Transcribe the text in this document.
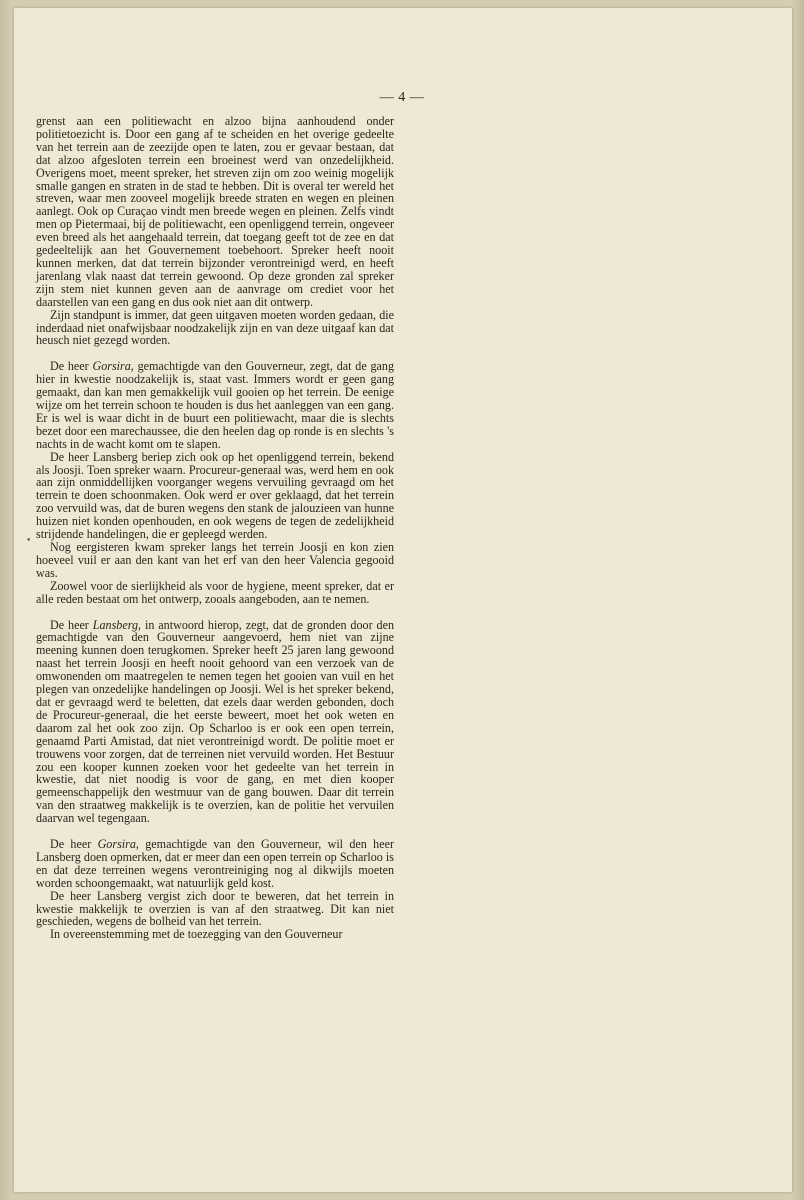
•
— 4 —

grenst aan een politiewacht en alzoo bijna aanhoudend onder politietoezicht is. Door een gang af te scheiden en het overige gedeelte van het terrein aan de zeezijde open te laten, zou er gevaar bestaan, dat dat alzoo afgesloten terrein een broeinest werd van onzedelijkheid. Overigens moet, meent spreker, het streven zijn om zoo weinig mogelijk smalle gangen en straten in de stad te hebben. Dit is overal ter wereld het streven, waar men zooveel mogelijk breede straten en wegen en pleinen aanlegt. Ook op Curaçao vindt men breede wegen en pleinen. Zelfs vindt men op Pietermaai, bij de politiewacht, een openliggend terrein, ongeveer even breed als het aangehaald terrein, dat toegang geeft tot de zee en dat gedeeltelijk aan het Gouvernement toebehoort. Spreker heeft nooit kunnen merken, dat dat terrein bijzonder verontreinigd werd, en heeft jarenlang vlak naast dat terrein gewoond. Op deze gronden zal spreker zijn stem niet kunnen geven aan de aanvrage om crediet voor het daarstellen van een gang en dus ook niet aan dit ontwerp.

Zijn standpunt is immer, dat geen uitgaven moeten worden gedaan, die inderdaad niet onafwijsbaar noodzakelijk zijn en van deze uitgaaf kan dat heusch niet gezegd worden.

De heer Gorsira, gemachtigde van den Gouverneur, zegt, dat de gang hier in kwestie noodzakelijk is, staat vast. Immers wordt er geen gang gemaakt, dan kan men gemakkelijk vuil gooien op het terrein. De eenige wijze om het terrein schoon te houden is dus het aanleggen van een gang. Er is wel is waar dicht in de buurt een politiewacht, maar die is slechts bezet door een marechaussee, die den heelen dag op ronde is en slechts 's nachts in de wacht komt om te slapen.

De heer Lansberg beriep zich ook op het openliggend terrein, bekend als Joosji. Toen spreker waarn. Procureur-generaal was, werd hem en ook aan zijn onmiddellijken voorganger wegens vervuiling gevraagd om het terrein te doen schoonmaken. Ook werd er over geklaagd, dat het terrein zoo vervuild was, dat de buren wegens den stank de jalouzieen van hunne huizen niet konden openhouden, en ook wegens de tegen de zedelijkheid strijdende handelingen, die er gepleegd werden.

Nog eergisteren kwam spreker langs het terrein Joosji en kon zien hoeveel vuil er aan den kant van het erf van den heer Valencia gegooid was.

Zoowel voor de sierlijkheid als voor de hygiene, meent spreker, dat er alle reden bestaat om het ontwerp, zooals aangeboden, aan te nemen.

De heer Lansberg, in antwoord hierop, zegt, dat de gronden door den gemachtigde van den Gouverneur aangevoerd, hem niet van zijne meening kunnen doen terugkomen. Spreker heeft 25 jaren lang gewoond naast het terrein Joosji en heeft nooit gehoord van een verzoek van de omwonenden om maatregelen te nemen tegen het gooien van vuil en het plegen van onzedelijke handelingen op Joosji. Wel is het spreker bekend, dat er gevraagd werd te beletten, dat ezels daar werden gebonden, doch de Procureur-generaal, die het eerste beweert, moet het ook weten en daarom zal het ook zoo zijn. Op Scharloo is er ook een open terrein, genaamd Parti Amistad, dat niet verontreinigd wordt. De politie moet er trouwens voor zorgen, dat de terreinen niet vervuild worden. Het Bestuur zou een kooper kunnen zoeken voor het gedeelte van het terrein in kwestie, dat niet noodig is voor de gang, en met dien kooper gemeenschappelijk den westmuur van de gang bouwen. Daar dit terrein van den straatweg makkelijk is te overzien, kan de politie het vervuilen daarvan wel tegengaan.

De heer Gorsira, gemachtigde van den Gouverneur, wil den heer Lansberg doen opmerken, dat er meer dan een open terrein op Scharloo is en dat deze terreinen wegens verontreiniging nog al dikwijls moeten worden schoongemaakt, wat natuurlijk geld kost.

De heer Lansberg vergist zich door te beweren, dat het terrein in kwestie makkelijk te overzien is van af den straatweg. Dit kan niet geschieden, wegens de bolheid van het terrein.

In overeenstemming met de toezegging van den Gouverneur
